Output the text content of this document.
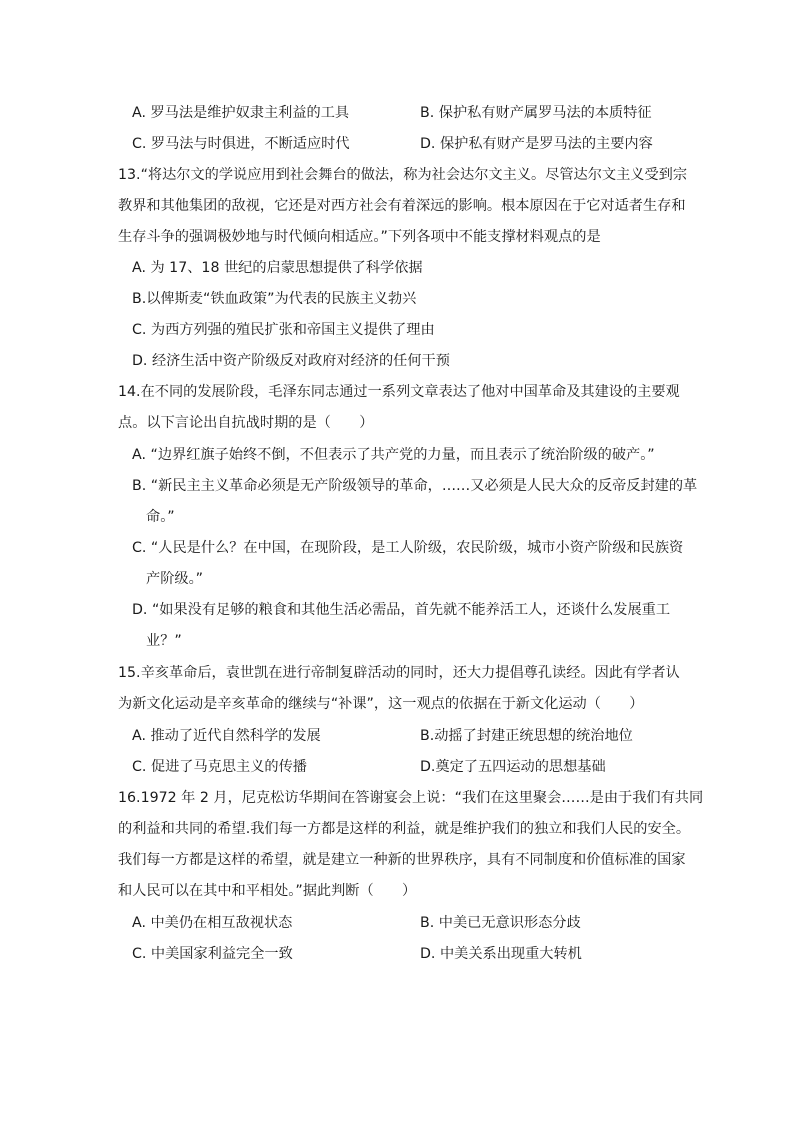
A. 罗马法是维护奴隶主利益的工具	B. 保护私有财产属罗马法的本质特征
C. 罗马法与时俱进，不断适应时代	D. 保护私有财产是罗马法的主要内容
13.“将达尔文的学说应用到社会舞台的做法，称为社会达尔文主义。尽管达尔文主义受到宗
教界和其他集团的敌视，它还是对西方社会有着深远的影响。根本原因在于它对适者生存和
生存斗争的强调极妙地与时代倾向相适应。”下列各项中不能支撑材料观点的是
A. 为 17、18 世纪的启蒙思想提供了科学依据
B.以俾斯麦“铁血政策”为代表的民族主义勃兴
C. 为西方列强的殖民扩张和帝国主义提供了理由
D. 经济生活中资产阶级反对政府对经济的任何干预
14.在不同的发展阶段，毛泽东同志通过一系列文章表达了他对中国革命及其建设的主要观
点。以下言论出自抗战时期的是（　　）
A. “边界红旗子始终不倒，不但表示了共产党的力量，而且表示了统治阶级的破产。”
B. “新民主主义革命必须是无产阶级领导的革命，……又必须是人民大众的反帝反封建的革
命。”
C. “人民是什么？在中国，在现阶段，是工人阶级，农民阶级，城市小资产阶级和民族资
产阶级。”
D. “如果没有足够的粮食和其他生活必需品，首先就不能养活工人，还谈什么发展重工
业？”
15.辛亥革命后，袁世凯在进行帝制复辟活动的同时，还大力提倡尊孔读经。因此有学者认
为新文化运动是辛亥革命的继续与“补课”，这一观点的依据在于新文化运动（　　）
A. 推动了近代自然科学的发展	B.动摇了封建正统思想的统治地位
C. 促进了马克思主义的传播	D.奠定了五四运动的思想基础
16.1972 年 2 月，尼克松访华期间在答谢宴会上说：“我们在这里聚会……是由于我们有共同
的利益和共同的希望.我们每一方都是这样的利益，就是维护我们的独立和我们人民的安全。
我们每一方都是这样的希望，就是建立一种新的世界秩序，具有不同制度和价值标准的国家
和人民可以在其中和平相处。”据此判断（　　）
A. 中美仍在相互敌视状态	B. 中美已无意识形态分歧
C. 中美国家利益完全一致	D. 中美关系出现重大转机
